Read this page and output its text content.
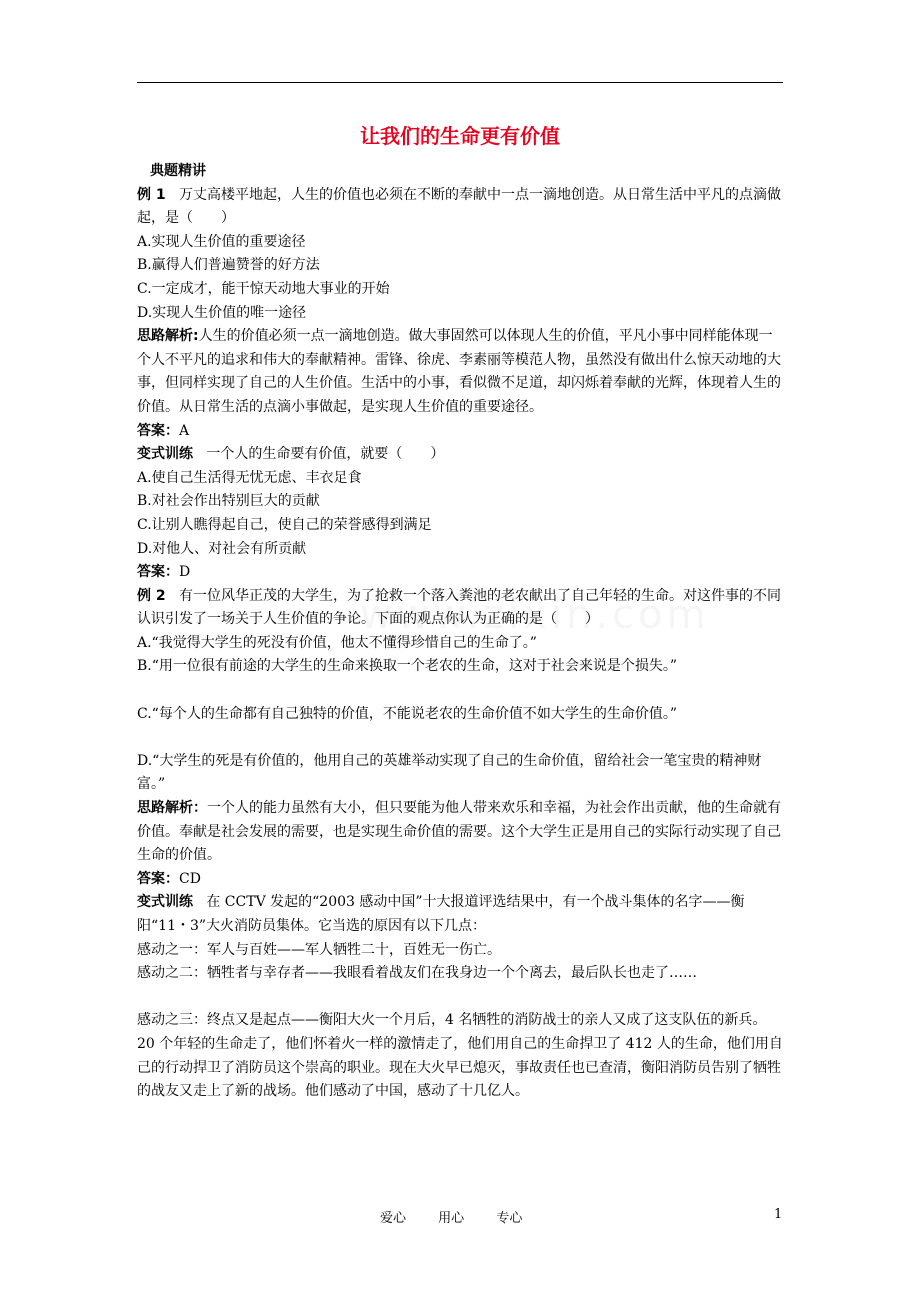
让我们的生命更有价值

典题精讲

例 1 万丈高楼平地起，人生的价值也必须在不断的奉献中一点一滴地创造。从日常生活中平凡的点滴做起，是（　　）

A.实现人生价值的重要途径

B.赢得人们普遍赞誉的好方法

C.一定成才，能干惊天动地大事业的开始

D.实现人生价值的唯一途径

思路解析:人生的价值必须一点一滴地创造。做大事固然可以体现人生的价值，平凡小事中同样能体现一个人不平凡的追求和伟大的奉献精神。雷锋、徐虎、李素丽等模范人物，虽然没有做出什么惊天动地的大事，但同样实现了自己的人生价值。生活中的小事，看似微不足道，却闪烁着奉献的光辉，体现着人生的价值。从日常生活的点滴小事做起，是实现人生价值的重要途径。

答案：A

变式训练 一个人的生命要有价值，就要（　　）

A.使自己生活得无忧无虑、丰衣足食

B.对社会作出特别巨大的贡献

C.让别人瞧得起自己，使自己的荣誉感得到满足

D.对他人、对社会有所贡献

答案：D

例 2 有一位风华正茂的大学生，为了抢救一个落入粪池的老农献出了自己年轻的生命。对这件事的不同认识引发了一场关于人生价值的争论。下面的观点你认为正确的是（　　）

A.“我觉得大学生的死没有价值，他太不懂得珍惜自己的生命了。”

B.“用一位很有前途的大学生的生命来换取一个老农的生命，这对于社会来说是个损失。”

C.“每个人的生命都有自己独特的价值，不能说老农的生命价值不如大学生的生命价值。”

D.“大学生的死是有价值的，他用自己的英雄举动实现了自己的生命价值，留给社会一笔宝贵的精神财富。”

思路解析：一个人的能力虽然有大小，但只要能为他人带来欢乐和幸福，为社会作出贡献，他的生命就有价值。奉献是社会发展的需要，也是实现生命价值的需要。这个大学生正是用自己的实际行动实现了自己生命的价值。

答案：CD

变式训练 在 CCTV 发起的“2003 感动中国”十大报道评选结果中，有一个战斗集体的名字——衡阳“11・3”大火消防员集体。它当选的原因有以下几点：

感动之一：军人与百姓——军人牺牲二十，百姓无一伤亡。

感动之二：牺牲者与幸存者——我眼看着战友们在我身边一个个离去，最后队长也走了……

感动之三：终点又是起点——衡阳大火一个月后，4 名牺牲的消防战士的亲人又成了这支队伍的新兵。

20 个年轻的生命走了，他们怀着火一样的激情走了，他们用自己的生命捍卫了 412 人的生命，他们用自己的行动捍卫了消防员这个崇高的职业。现在大火早已熄灭，事故责任也已查清，衡阳消防员告别了牺牲的战友又走上了新的战场。他们感动了中国，感动了十几亿人。

爱心 用心 专心	1
